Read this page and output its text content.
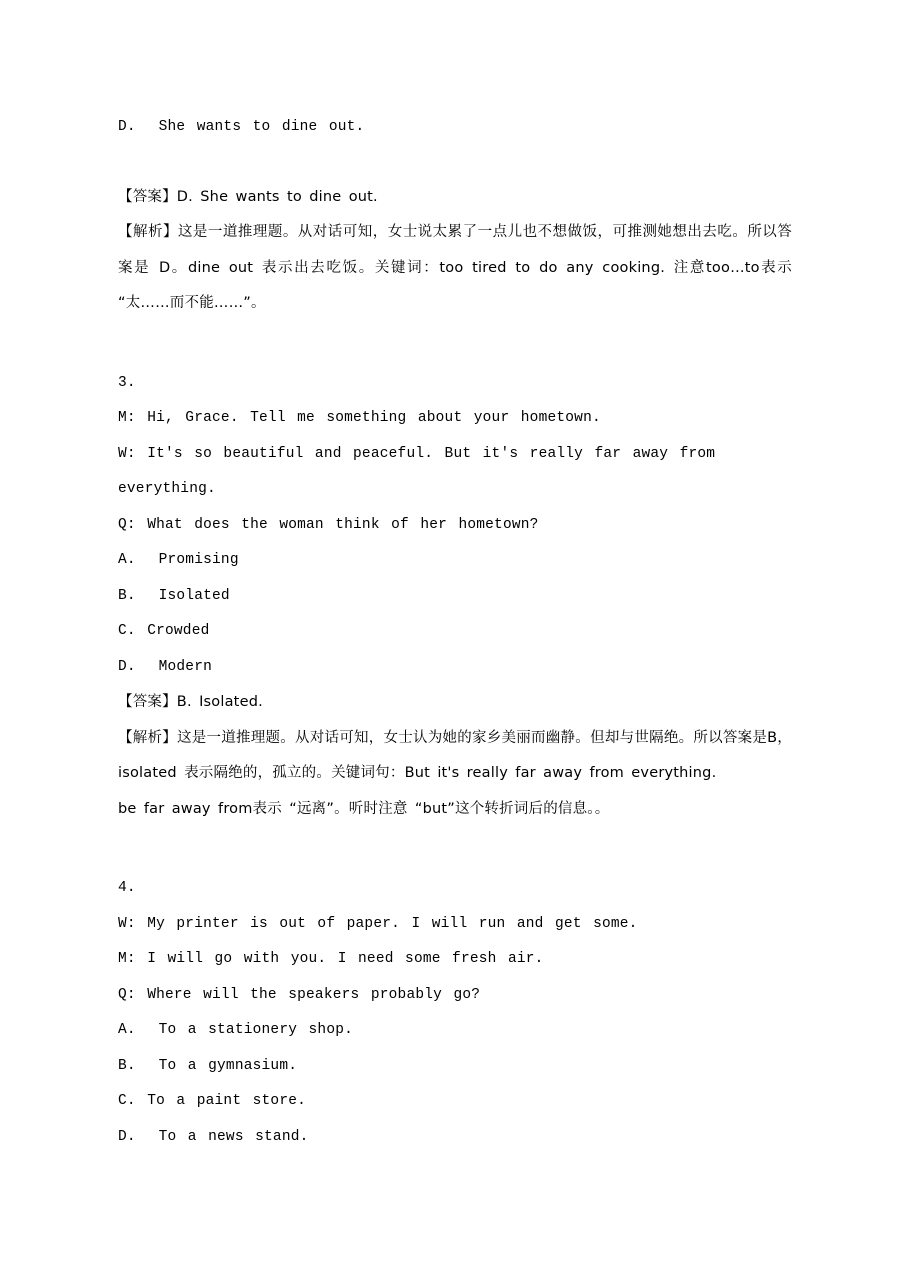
D.  She wants to dine out.
【答案】D. She wants to dine out.
【解析】这是一道推理题。从对话可知，女士说太累了一点儿也不想做饭，可推测她想出去吃。所以答案是 D。dine out 表示出去吃饭。关键词：too tired to do any cooking. 注意too…to表示 “太……而不能……”。
3.
M: Hi, Grace. Tell me something about your hometown.
W: It's so beautiful and peaceful. But it's really far away from everything.
Q: What does the woman think of her hometown?
A.  Promising
B.  Isolated
C. Crowded
D.  Modern
【答案】B. Isolated.
【解析】这是一道推理题。从对话可知，女士认为她的家乡美丽而幽静。但却与世隔绝。所以答案是B，isolated 表示隔绝的，孤立的。关键词句：But it's really far away from everything.
be far away from表示 “远离”。听时注意 “but”这个转折词后的信息。。
4.
W: My printer is out of paper. I will run and get some.
M: I will go with you. I need some fresh air.
Q: Where will the speakers probably go?
A.  To a stationery shop.
B.  To a gymnasium.
C. To a paint store.
D.  To a news stand.
